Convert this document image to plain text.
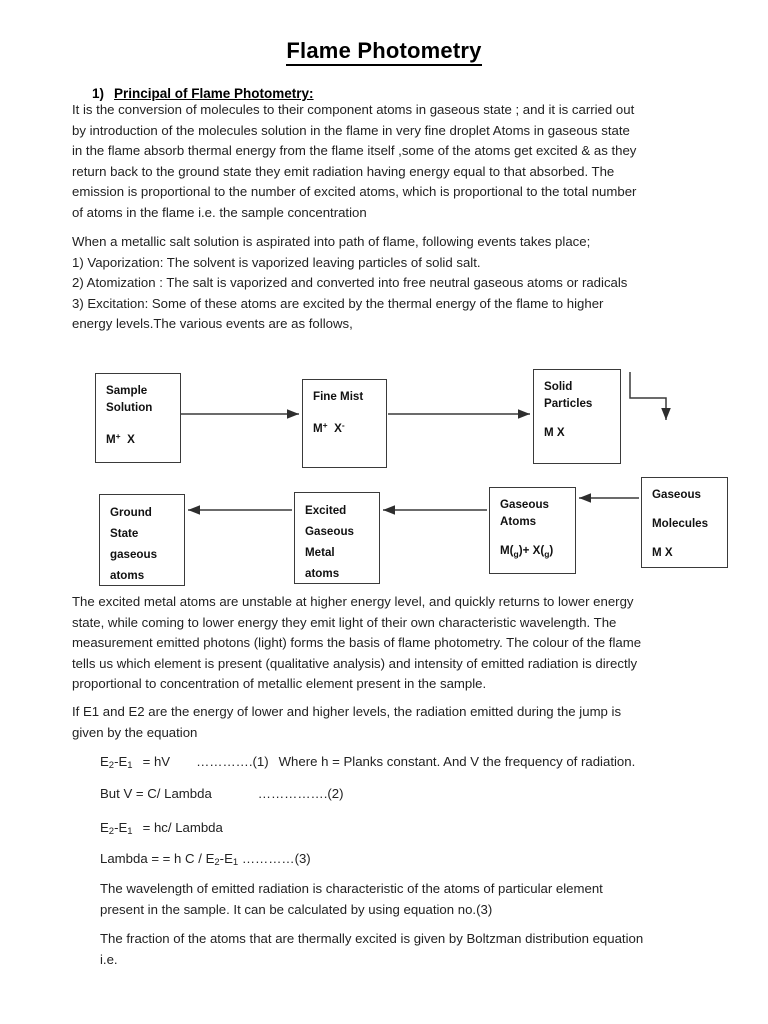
Flame Photometry
1) Principal of Flame Photometry:
It is the conversion of molecules to their component atoms in gaseous state ; and it is carried out
by introduction of the molecules solution in the flame in very fine droplet Atoms in gaseous state
in the flame absorb thermal energy from the flame itself ,some of the atoms get excited & as they
return back to the ground state they emit radiation having energy equal to that absorbed. The
emission is proportional to the number of excited atoms, which is proportional to the total number
of atoms in the flame i.e. the sample concentration
When a metallic salt solution is aspirated into path of flame, following events takes place;
1) Vaporization: The solvent is vaporized leaving particles of solid salt.
2) Atomization : The salt is vaporized and converted into free neutral gaseous atoms or radicals
3) Excitation: Some of these atoms are excited by the thermal energy of the flame to higher
energy levels.The various events are as follows,
Sample
Solution
M+ X
Fine Mist
M+ X-
Solid
Particles
M X
Gaseous
Molecules
M X
Gaseous
Atoms
$M(_g)+ X(_g)$
Excited
Gaseous
Metal
atoms
Ground
State
gaseous
atoms
The excited metal atoms are unstable at higher energy level, and quickly returns to lower energy
state, while coming to lower energy they emit light of their own characteristic wavelength. The
measurement emitted photons (light) forms the basis of flame photometry. The colour of the flame
tells us which element is present (qualitative analysis) and intensity of emitted radiation is directly
proportional to concentration of metallic element present in the sample.
If E1 and E2 are the energy of lower and higher levels, the radiation emitted during the jump is
given by the equation
$E_2-E_1$ = hV ………….(1) Where h = Planks constant. And V the frequency of radiation.
But V = C/ Lambda	…………….(2)
$E_2-E_1 = hc/$ Lambda
Lambda = = h C / $E_2-E_1$ …………(3)
The wavelength of emitted radiation is characteristic of the atoms of particular element
present in the sample. It can be calculated by using equation no.(3)
The fraction of the atoms that are thermally excited is given by Boltzman distribution equation
i.e.
